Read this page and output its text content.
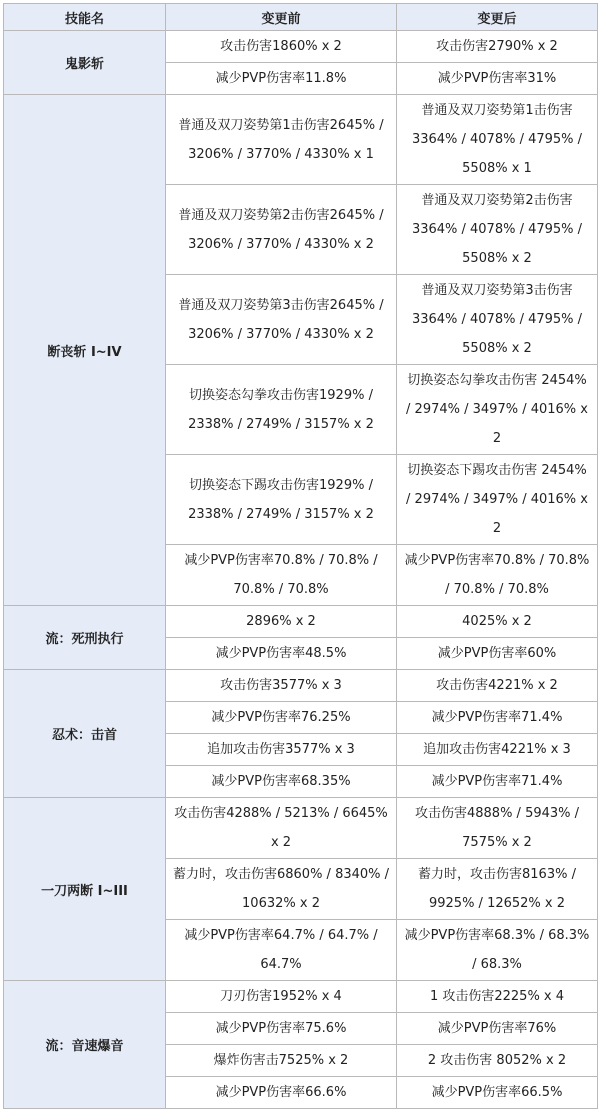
技能名	变更前	变更后
鬼影斩	攻击伤害1860% x 2	攻击伤害2790% x 2
	减少PVP伤害率11.8%	减少PVP伤害率31%
断丧斩 I~IV	普通及双刀姿势第1击伤害2645% / 3206% / 3770% / 4330% x 1	普通及双刀姿势第1击伤害 3364% / 4078% / 4795% / 5508% x 1
	普通及双刀姿势第2击伤害2645% / 3206% / 3770% / 4330% x 2	普通及双刀姿势第2击伤害 3364% / 4078% / 4795% / 5508% x 2
	普通及双刀姿势第3击伤害2645% / 3206% / 3770% / 4330% x 2	普通及双刀姿势第3击伤害 3364% / 4078% / 4795% / 5508% x 2
	切换姿态勾拳攻击伤害1929% / 2338% / 2749% / 3157% x 2	切换姿态勾拳攻击伤害 2454% / 2974% / 3497% / 4016% x 2
	切换姿态下踢攻击伤害1929% / 2338% / 2749% / 3157% x 2	切换姿态下踢攻击伤害 2454% / 2974% / 3497% / 4016% x 2
	减少PVP伤害率70.8% / 70.8% / 70.8% / 70.8%	减少PVP伤害率70.8% / 70.8% / 70.8% / 70.8%
流：死刑执行	2896% x 2	4025% x 2
	减少PVP伤害率48.5%	减少PVP伤害率60%
忍术：击首	攻击伤害3577% x 3	攻击伤害4221% x 2
	减少PVP伤害率76.25%	减少PVP伤害率71.4%
	追加攻击伤害3577% x 3	追加攻击伤害4221% x 3
	减少PVP伤害率68.35%	减少PVP伤害率71.4%
一刀两断 I~III	攻击伤害4288% / 5213% / 6645% x 2	攻击伤害4888% / 5943% / 7575% x 2
	蓄力时，攻击伤害6860% / 8340% / 10632% x 2	蓄力时，攻击伤害8163% / 9925% / 12652% x 2
	减少PVP伤害率64.7% / 64.7% / 64.7%	减少PVP伤害率68.3% / 68.3% / 68.3%
流：音速爆音	刀刃伤害1952% x 4	1 攻击伤害2225% x 4
	减少PVP伤害率75.6%	减少PVP伤害率76%
	爆炸伤害击7525% x 2	2 攻击伤害 8052% x 2
	减少PVP伤害率66.6%	减少PVP伤害率66.5%
